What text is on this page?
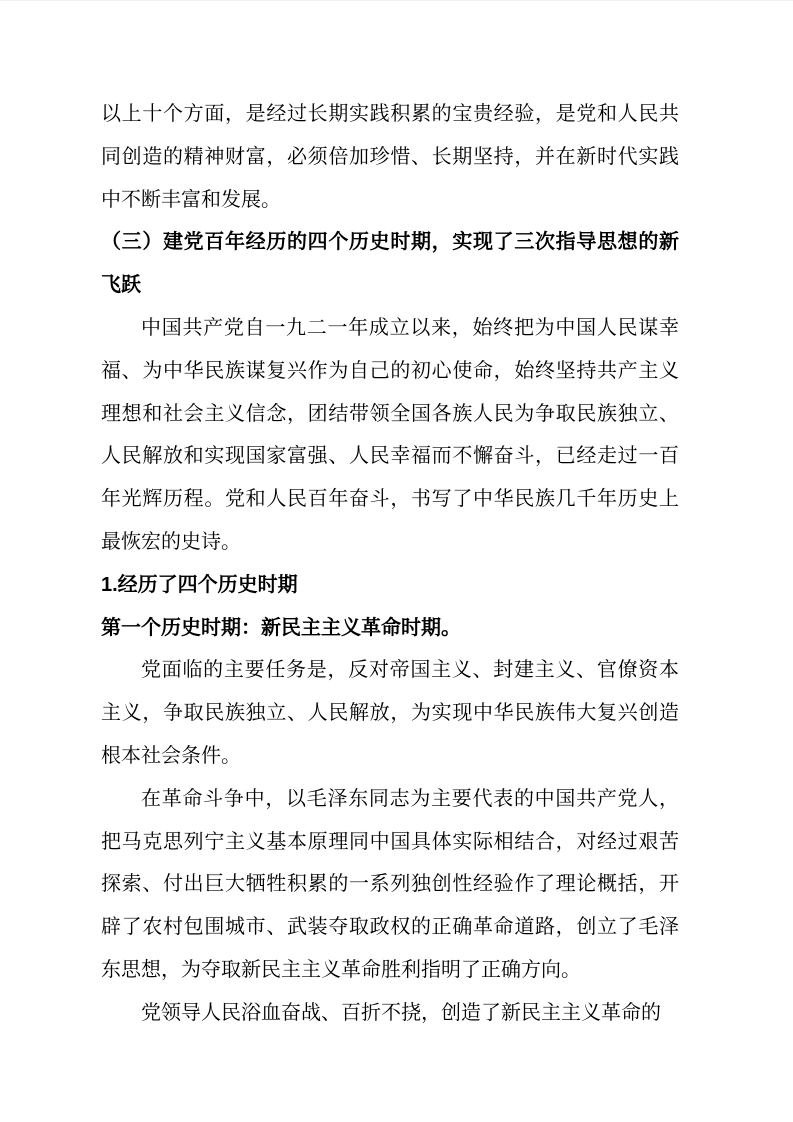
以上十个方面，是经过长期实践积累的宝贵经验，是党和人民共同创造的精神财富，必须倍加珍惜、长期坚持，并在新时代实践中不断丰富和发展。

（三）建党百年经历的四个历史时期，实现了三次指导思想的新飞跃

中国共产党自一九二一年成立以来，始终把为中国人民谋幸福、为中华民族谋复兴作为自己的初心使命，始终坚持共产主义理想和社会主义信念，团结带领全国各族人民为争取民族独立、人民解放和实现国家富强、人民幸福而不懈奋斗，已经走过一百年光辉历程。党和人民百年奋斗，书写了中华民族几千年历史上最恢宏的史诗。

1.经历了四个历史时期

第一个历史时期：新民主主义革命时期。

党面临的主要任务是，反对帝国主义、封建主义、官僚资本主义，争取民族独立、人民解放，为实现中华民族伟大复兴创造根本社会条件。

在革命斗争中，以毛泽东同志为主要代表的中国共产党人，把马克思列宁主义基本原理同中国具体实际相结合，对经过艰苦探索、付出巨大牺牲积累的一系列独创性经验作了理论概括，开辟了农村包围城市、武装夺取政权的正确革命道路，创立了毛泽东思想，为夺取新民主主义革命胜利指明了正确方向。

党领导人民浴血奋战、百折不挠，创造了新民主主义革命的
